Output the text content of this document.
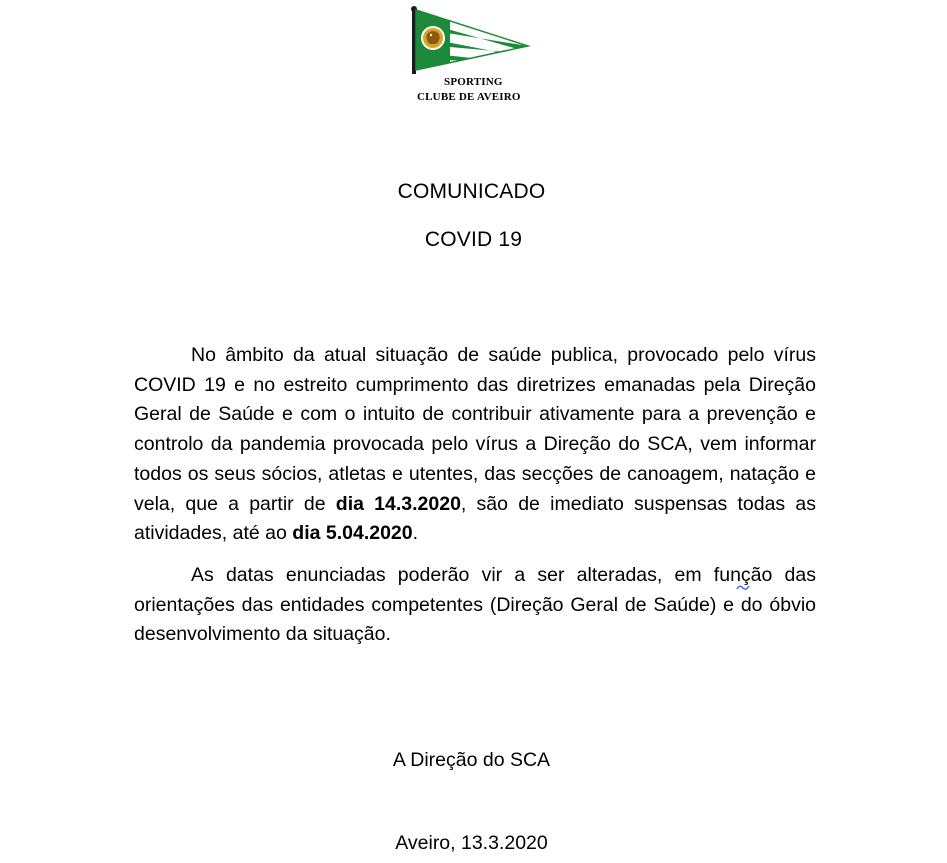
SPORTING
CLUBE DE AVEIRO
COMUNICADO
COVID 19

No âmbito da atual situação de saúde publica, provocado pelo vírus COVID 19 e no estreito cumprimento das diretrizes emanadas pela Direção Geral de Saúde e com o intuito de contribuir ativamente para a prevenção e controlo da pandemia provocada pelo vírus a Direção do SCA, vem informar todos os seus sócios, atletas e utentes, das secções de canoagem, natação e vela, que a partir de dia 14.3.2020, são de imediato suspensas todas as atividades, até ao dia 5.04.2020.

As datas enunciadas poderão vir a ser alteradas, em função das orientações das entidades competentes (Direção Geral de Saúde) e do óbvio desenvolvimento da situação.

A Direção do SCA
Aveiro, 13.3.2020
